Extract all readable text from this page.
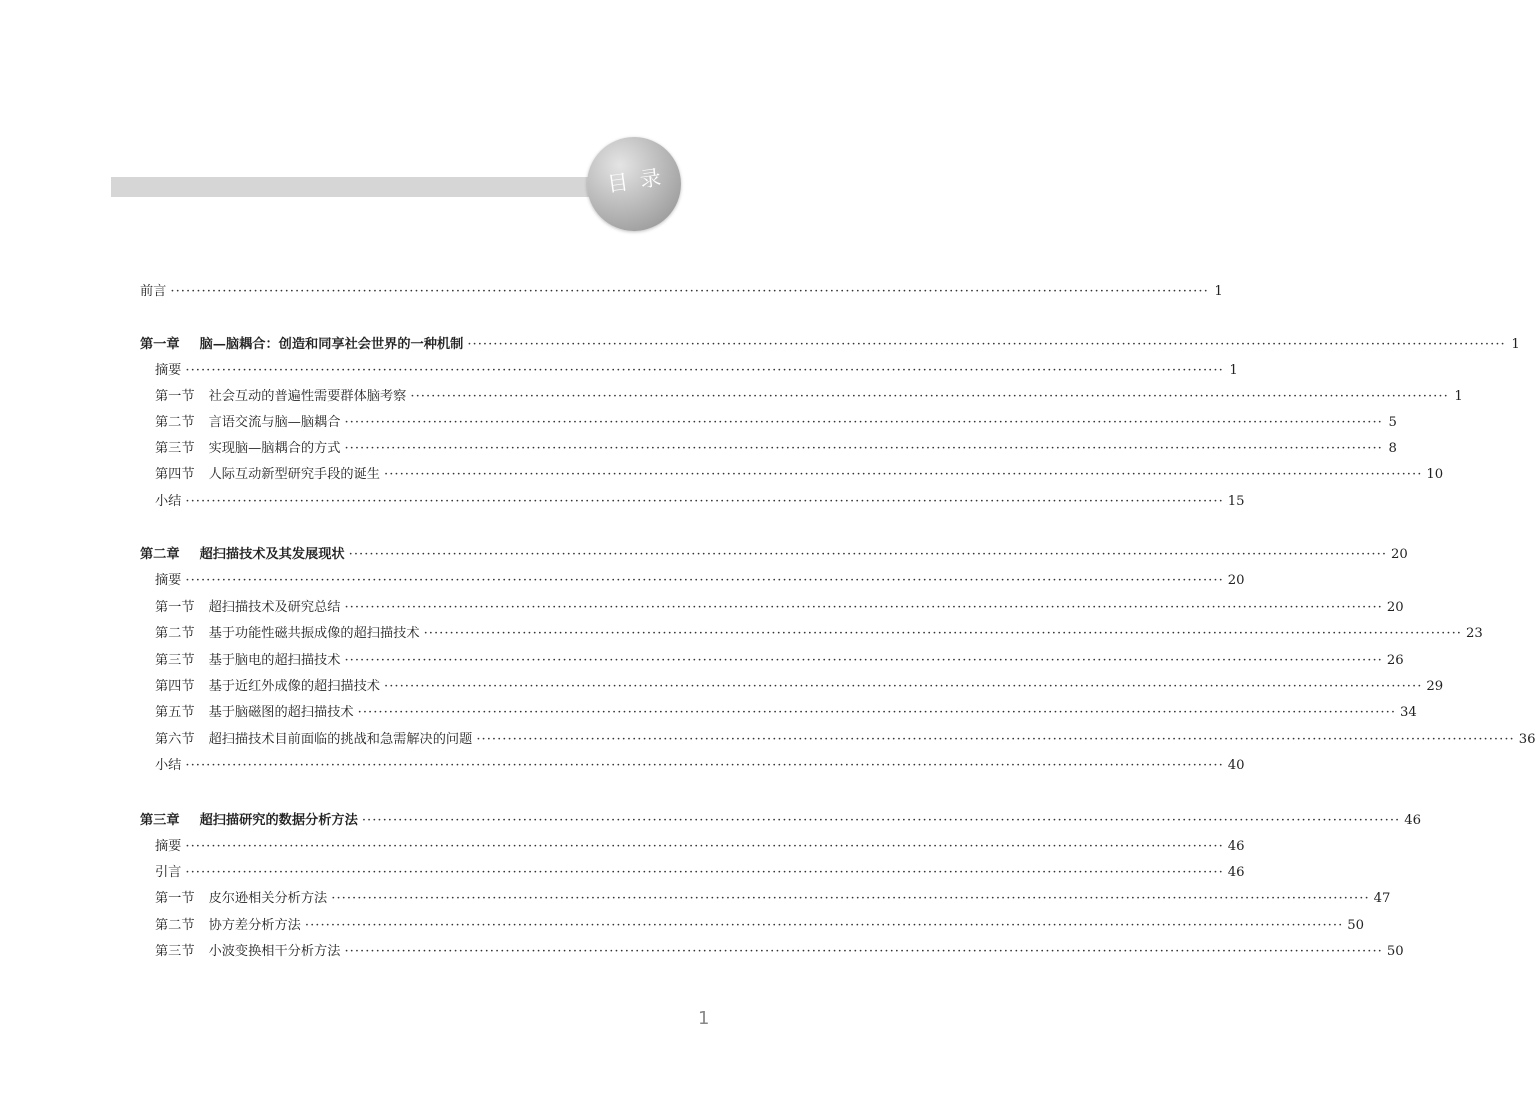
目录
前言 ········································································································································································································ 1
第一章 脑—脑耦合：创造和同享社会世界的一种机制 ········································································································································································································ 1
摘要 ········································································································································································································ 1
第一节 社会互动的普遍性需要群体脑考察 ········································································································································································································ 1
第二节 言语交流与脑—脑耦合 ········································································································································································································ 5
第三节 实现脑—脑耦合的方式 ········································································································································································································ 8
第四节 人际互动新型研究手段的诞生 ········································································································································································································ 10
小结 ········································································································································································································ 15
第二章 超扫描技术及其发展现状 ········································································································································································································ 20
摘要 ········································································································································································································ 20
第一节 超扫描技术及研究总结 ········································································································································································································ 20
第二节 基于功能性磁共振成像的超扫描技术 ········································································································································································································ 23
第三节 基于脑电的超扫描技术 ········································································································································································································ 26
第四节 基于近红外成像的超扫描技术 ········································································································································································································ 29
第五节 基于脑磁图的超扫描技术 ········································································································································································································ 34
第六节 超扫描技术目前面临的挑战和急需解决的问题 ········································································································································································································ 36
小结 ········································································································································································································ 40
第三章 超扫描研究的数据分析方法 ········································································································································································································ 46
摘要 ········································································································································································································ 46
引言 ········································································································································································································ 46
第一节 皮尔逊相关分析方法 ········································································································································································································ 47
第二节 协方差分析方法 ········································································································································································································ 50
第三节 小波变换相干分析方法 ········································································································································································································ 50
1
